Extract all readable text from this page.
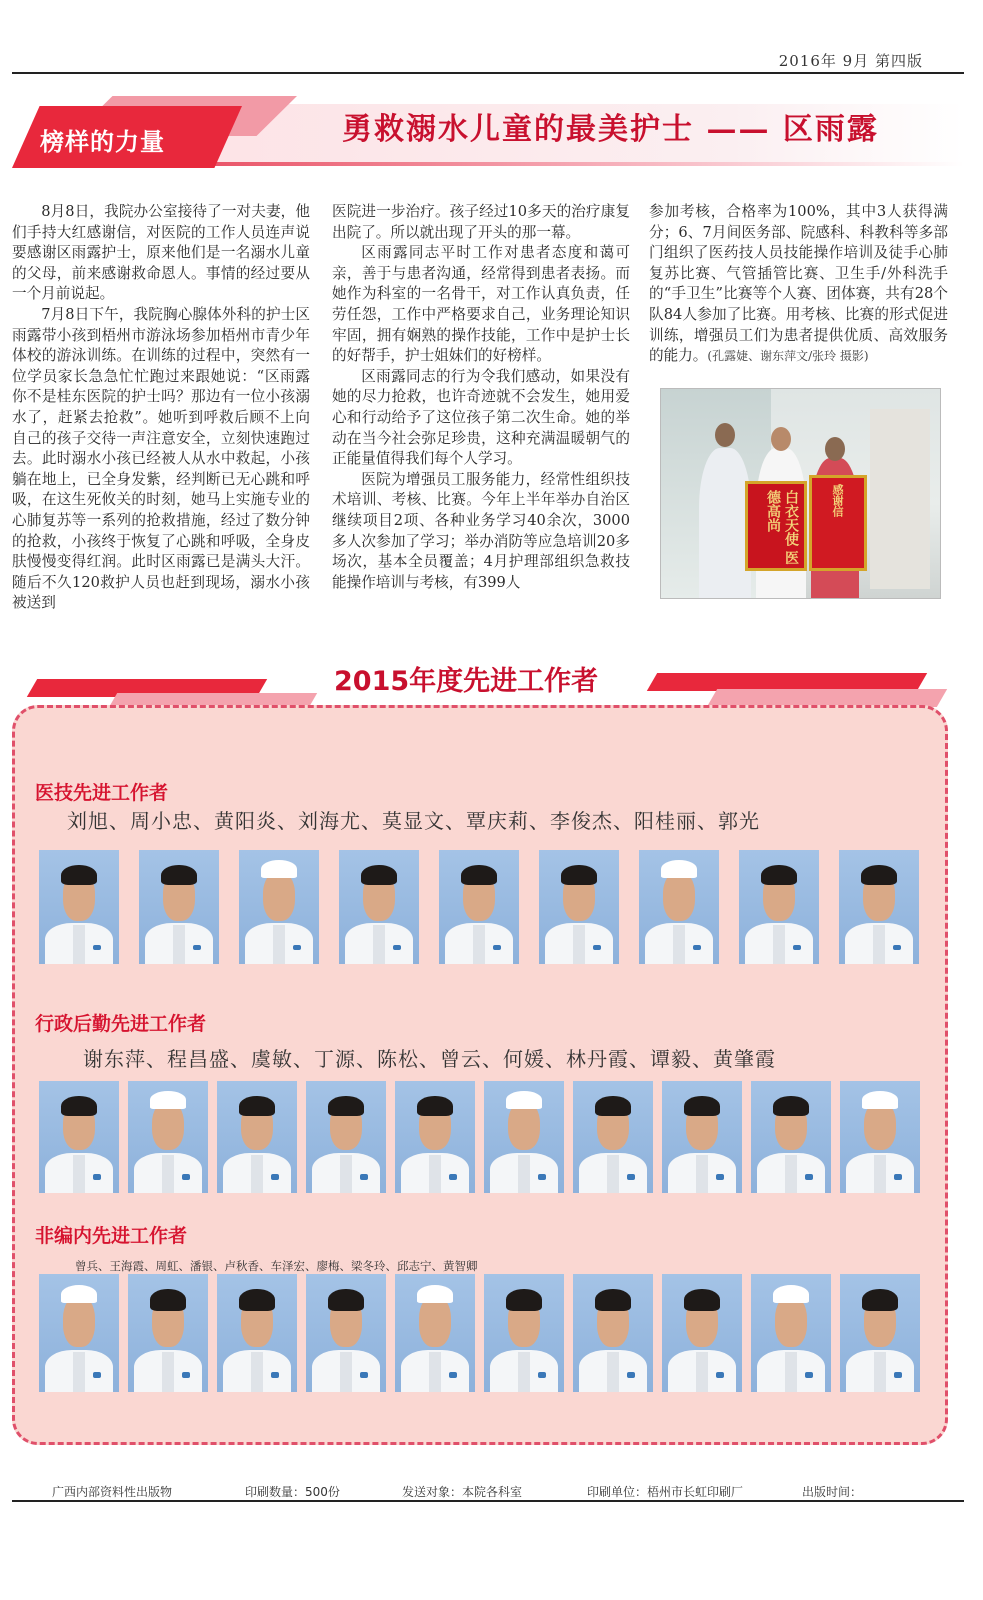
2016年 9月 第四版
榜样的力量	勇救溺水儿童的最美护士 —— 区雨露

8月8日，我院办公室接待了一对夫妻，他们手持大红感谢信，对医院的工作人员连声说要感谢区雨露护士，原来他们是一名溺水儿童的父母，前来感谢救命恩人。事情的经过要从一个月前说起。

7月8日下午，我院胸心腺体外科的护士区雨露带小孩到梧州市游泳场参加梧州市青少年体校的游泳训练。在训练的过程中，突然有一位学员家长急急忙忙跑过来跟她说：“区雨露你不是桂东医院的护士吗？那边有一位小孩溺水了，赶紧去抢救”。她听到呼救后顾不上向自己的孩子交待一声注意安全，立刻快速跑过去。此时溺水小孩已经被人从水中救起，小孩躺在地上，已全身发紫，经判断已无心跳和呼吸，在这生死攸关的时刻，她马上实施专业的心肺复苏等一系列的抢救措施，经过了数分钟的抢救，小孩终于恢复了心跳和呼吸，全身皮肤慢慢变得红润。此时区雨露已是满头大汗。随后不久120救护人员也赶到现场，溺水小孩被送到

医院进一步治疗。孩子经过10多天的治疗康复出院了。所以就出现了开头的那一幕。

区雨露同志平时工作对患者态度和蔼可亲，善于与患者沟通，经常得到患者表扬。而她作为科室的一名骨干，对工作认真负责，任劳任怨，工作中严格要求自己，业务理论知识牢固，拥有娴熟的操作技能，工作中是护士长的好帮手，护士姐妹们的好榜样。

区雨露同志的行为令我们感动，如果没有她的尽力抢救，也许奇迹就不会发生，她用爱心和行动给予了这位孩子第二次生命。她的举动在当今社会弥足珍贵，这种充满温暖朝气的正能量值得我们每个人学习。

医院为增强员工服务能力，经常性组织技术培训、考核、比赛。今年上半年举办自治区继续项目2项、各种业务学习40余次，3000多人次参加了学习；举办消防等应急培训20多场次，基本全员覆盖；4月护理部组织急救技能操作培训与考核，有399人

参加考核，合格率为100%，其中3人获得满分；6、7月间医务部、院感科、科教科等多部门组织了医药技人员技能操作培训及徒手心肺复苏比赛、气管插管比赛、卫生手/外科洗手的“手卫生”比赛等个人赛、团体赛，共有28个队84人参加了比赛。用考核、比赛的形式促进训练，增强员工们为患者提供优质、高效服务的能力。(孔露婕、谢东萍文/张玲 摄影)

白衣天使 医德高尚	感谢信
2015年度先进工作者
医技先进工作者
刘旭、周小忠、黄阳炎、刘海尤、莫显文、覃庆莉、李俊杰、阳桂丽、郭光
行政后勤先进工作者
谢东萍、程昌盛、虞敏、丁源、陈松、曾云、何媛、林丹霞、谭毅、黄肇霞
非编内先进工作者
曾兵、王海霞、周虹、潘银、卢秋香、车泽宏、廖梅、梁冬玲、邱志宁、黄智卿
广西内部资料性出版物	印刷数量：500份	发送对象：本院各科室	印刷单位：梧州市长虹印刷厂	出版时间：
